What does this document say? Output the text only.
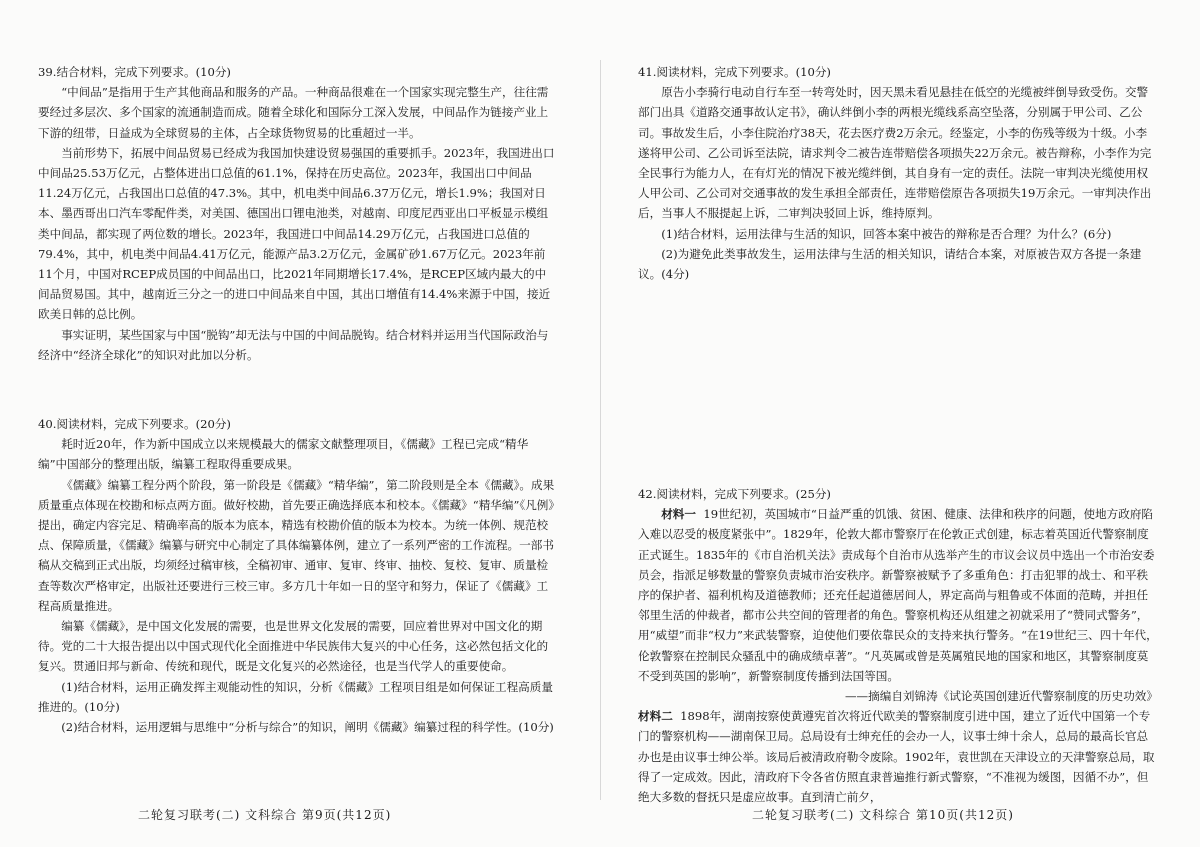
39.结合材料，完成下列要求。(10分)

“中间品”是指用于生产其他商品和服务的产品。一种商品很难在一个国家实现完整生产，往往需要经过多层次、多个国家的流通制造而成。随着全球化和国际分工深入发展，中间品作为链接产业上下游的纽带，日益成为全球贸易的主体，占全球货物贸易的比重超过一半。

当前形势下，拓展中间品贸易已经成为我国加快建设贸易强国的重要抓手。2023年，我国进出口中间品25.53万亿元，占整体进出口总值的61.1%，保持在历史高位。2023年，我国出口中间品11.24万亿元，占我国出口总值的47.3%。其中，机电类中间品6.37万亿元，增长1.9%；我国对日本、墨西哥出口汽车零配件类，对美国、德国出口锂电池类，对越南、印度尼西亚出口平板显示模组类中间品，都实现了两位数的增长。2023年，我国进口中间品14.29万亿元，占我国进口总值的79.4%，其中，机电类中间品4.41万亿元，能源产品3.2万亿元，金属矿砂1.67万亿元。2023年前11个月，中国对RCEP成员国的中间品出口，比2021年同期增长17.4%，是RCEP区域内最大的中间品贸易国。其中，越南近三分之一的进口中间品来自中国，其出口增值有14.4%来源于中国，接近欧美日韩的总比例。

事实证明，某些国家与中国“脱钩”却无法与中国的中间品脱钩。结合材料并运用当代国际政治与经济中“经济全球化”的知识对此加以分析。

40.阅读材料，完成下列要求。(20分)

耗时近20年，作为新中国成立以来规模最大的儒家文献整理项目，《儒藏》工程已完成“精华编”中国部分的整理出版，编纂工程取得重要成果。

《儒藏》编纂工程分两个阶段，第一阶段是《儒藏》“精华编”，第二阶段则是全本《儒藏》。成果质量重点体现在校勘和标点两方面。做好校勘，首先要正确选择底本和校本。《儒藏》“精华编”《凡例》提出，确定内容完足、精确率高的版本为底本，精选有校勘价值的版本为校本。为统一体例、规范校点、保障质量，《儒藏》编纂与研究中心制定了具体编纂体例，建立了一系列严密的工作流程。一部书稿从交稿到正式出版，均须经过稿审核，全稿初审、通审、复审、终审、抽校、复校、复审、质量检查等数次严格审定，出版社还要进行三校三审。多方几十年如一日的坚守和努力，保证了《儒藏》工程高质量推进。

编纂《儒藏》，是中国文化发展的需要，也是世界文化发展的需要，回应着世界对中国文化的期待。党的二十大报告提出以中国式现代化全面推进中华民族伟大复兴的中心任务，这必然包括文化的复兴。贯通旧邦与新命、传统和现代，既是文化复兴的必然途径，也是当代学人的重要使命。

(1)结合材料，运用正确发挥主观能动性的知识，分析《儒藏》工程项目组是如何保证工程高质量推进的。(10分)

(2)结合材料，运用逻辑与思维中“分析与综合”的知识，阐明《儒藏》编纂过程的科学性。(10分)

41.阅读材料，完成下列要求。(10分)

原告小李骑行电动自行车至一转弯处时，因天黑未看见悬挂在低空的光缆被绊倒导致受伤。交警部门出具《道路交通事故认定书》，确认绊倒小李的两根光缆线系高空坠落，分别属于甲公司、乙公司。事故发生后，小李住院治疗38天，花去医疗费2万余元。经鉴定，小李的伤残等级为十级。小李遂将甲公司、乙公司诉至法院，请求判令二被告连带赔偿各项损失22万余元。被告辩称，小李作为完全民事行为能力人，在有灯光的情况下被光缆绊倒，其自身有一定的责任。法院一审判决光缆使用权人甲公司、乙公司对交通事故的发生承担全部责任，连带赔偿原告各项损失19万余元。一审判决作出后，当事人不服提起上诉，二审判决驳回上诉，维持原判。

(1)结合材料，运用法律与生活的知识，回答本案中被告的辩称是否合理？为什么？(6分)

(2)为避免此类事故发生，运用法律与生活的相关知识，请结合本案，对原被告双方各提一条建议。(4分)

42.阅读材料，完成下列要求。(25分)

材料一 19世纪初，英国城市“日益严重的饥饿、贫困、健康、法律和秩序的问题，使地方政府陷入难以忍受的极度紧张中”。1829年，伦敦大都市警察厅在伦敦正式创建，标志着英国近代警察制度正式诞生。1835年的《市自治机关法》责成每个自治市从选举产生的市议会议员中选出一个市治安委员会，指派足够数量的警察负责城市治安秩序。新警察被赋予了多重角色：打击犯罪的战士、和平秩序的保护者、福利机构及道德教师；还充任起道德居间人，界定高尚与粗鲁或不体面的范畴，并担任邻里生活的仲裁者，都市公共空间的管理者的角色。警察机构还从组建之初就采用了“赞同式警务”，用“威望”而非“权力”来武装警察，迫使他们要依靠民众的支持来执行警务。“在19世纪三、四十年代，伦敦警察在控制民众骚乱中的确成绩卓著”。“凡英属或曾是英属殖民地的国家和地区，其警察制度莫不受到英国的影响”，新警察制度传播到法国等国。

——摘编自刘锦涛《试论英国创建近代警察制度的历史功效》

材料二 1898年，湖南按察使黄遵宪首次将近代欧美的警察制度引进中国，建立了近代中国第一个专门的警察机构——湖南保卫局。总局设有士绅充任的会办一人，议事士绅十余人，总局的最高长官总办也是由议事士绅公举。该局后被清政府勒令废除。1902年，袁世凯在天津设立的天津警察总局，取得了一定成效。因此，清政府下令各省仿照直隶普遍推行新式警察，“不准视为缓图，因循不办”，但绝大多数的督抚只是虚应故事。直到清亡前夕，

二轮复习联考(二) 文科综合 第9页(共12页)	二轮复习联考(二) 文科综合 第10页(共12页)
